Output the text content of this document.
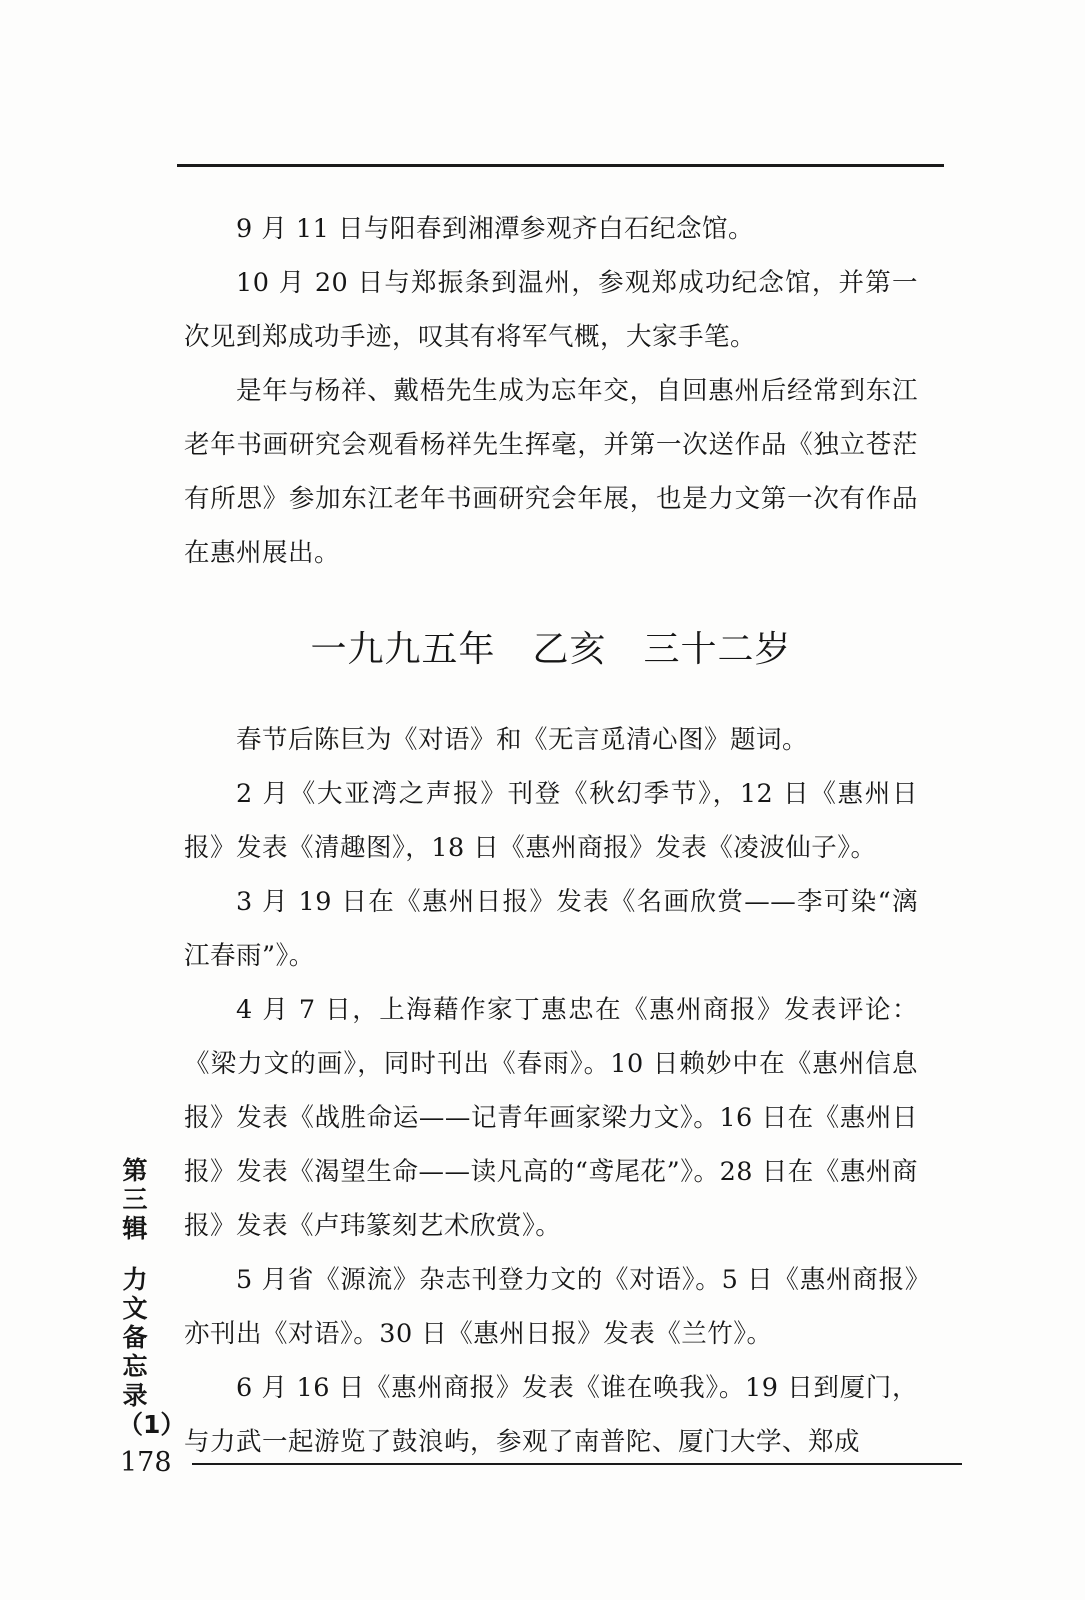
9 月 11 日与阳春到湘潭参观齐白石纪念馆。

10 月 20 日与郑振条到温州，参观郑成功纪念馆，并第一次见到郑成功手迹，叹其有将军气概，大家手笔。

是年与杨祥、戴梧先生成为忘年交，自回惠州后经常到东江老年书画研究会观看杨祥先生挥毫，并第一次送作品《独立苍茫有所思》参加东江老年书画研究会年展，也是力文第一次有作品在惠州展出。

一九九五年　乙亥　三十二岁

春节后陈巨为《对语》和《无言觅清心图》题词。

2 月《大亚湾之声报》刊登《秋幻季节》，12 日《惠州日报》发表《清趣图》，18 日《惠州商报》发表《凌波仙子》。

3 月 19 日在《惠州日报》发表《名画欣赏——李可染“漓江春雨”》。

4 月 7 日，上海藉作家丁惠忠在《惠州商报》发表评论：《梁力文的画》，同时刊出《春雨》。10 日赖妙中在《惠州信息报》发表《战胜命运——记青年画家梁力文》。16 日在《惠州日报》发表《渴望生命——读凡高的“鸢尾花”》。28 日在《惠州商报》发表《卢玮篆刻艺术欣赏》。

5 月省《源流》杂志刊登力文的《对语》。5 日《惠州商报》亦刊出《对语》。30 日《惠州日报》发表《兰竹》。

6 月 16 日《惠州商报》发表《谁在唤我》。19 日到厦门，与力武一起游览了鼓浪屿，参观了南普陀、厦门大学、郑成

第三辑
力文备忘录（1）
178
